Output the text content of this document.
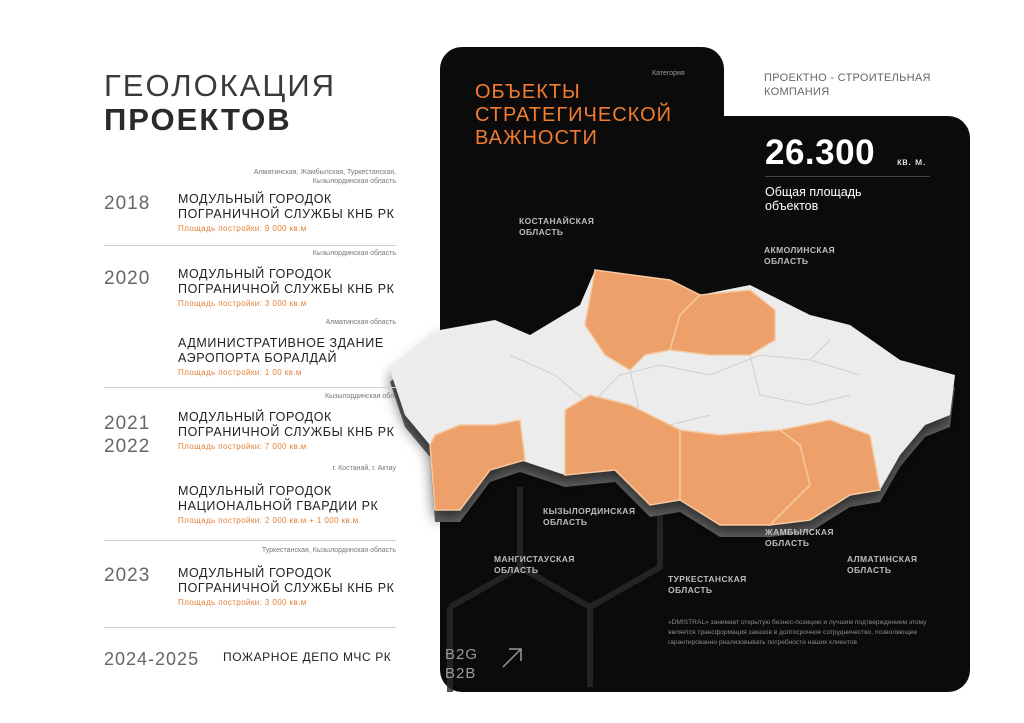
ГЕОЛОКАЦИЯ
ПРОЕКТОВ
Категория
ОБЪЕКТЫ
СТРАТЕГИЧЕСКОЙ
ВАЖНОСТИ
ПРОЕКТНО - СТРОИТЕЛЬНАЯ
КОМПАНИЯ
26.300 кв. м.
Общая площадь
объектов
КОСТАНАЙСКАЯ
ОБЛАСТЬ
АКМОЛИНСКАЯ
ОБЛАСТЬ
КЫЗЫЛОРДИНСКАЯ
ОБЛАСТЬ
ЖАМБЫЛСКАЯ
ОБЛАСТЬ
МАНГИСТАУСКАЯ
ОБЛАСТЬ
ТУРКЕСТАНСКАЯ
ОБЛАСТЬ
АЛМАТИНСКАЯ
ОБЛАСТЬ
«DMISTRAL» занимает открытую бизнес-позицию и лучшим подтверждением этому является трансформация заказов в долгосрочное сотрудничество, позволяющее гарантированно реализовывать потребности наших клиентов
B2G
B2B
Алматинская, Жамбылская, Туркестанская, Кызылординская область
2018 МОДУЛЬНЫЙ ГОРОДОК
ПОГРАНИЧНОЙ СЛУЖБЫ КНБ РК
Площадь постройки: 9 000 кв.м
Кызылординская область
2020 МОДУЛЬНЫЙ ГОРОДОК
ПОГРАНИЧНОЙ СЛУЖБЫ КНБ РК
Площадь постройки: 3 000 кв.м
Алматинская область
АДМИНИСТРАТИВНОЕ ЗДАНИЕ
АЭРОПОРТА БОРАЛДАЙ
Площадь постройки: 1 00 кв.м
Кызылординская обл.
2021
2022
МОДУЛЬНЫЙ ГОРОДОК
ПОГРАНИЧНОЙ СЛУЖБЫ КНБ РК
Площадь постройки: 7 000 кв.м
г. Костанай, г. Актау
МОДУЛЬНЫЙ ГОРОДОК
НАЦИОНАЛЬНОЙ ГВАРДИИ РК
Площадь постройки: 2 000 кв.м + 1 000 кв.м
Туркестанская, Кызылординская область
2023 МОДУЛЬНЫЙ ГОРОДОК
ПОГРАНИЧНОЙ СЛУЖБЫ КНБ РК
Площадь постройки: 3 000 кв.м
2024-2025 ПОЖАРНОЕ ДЕПО МЧС РК
